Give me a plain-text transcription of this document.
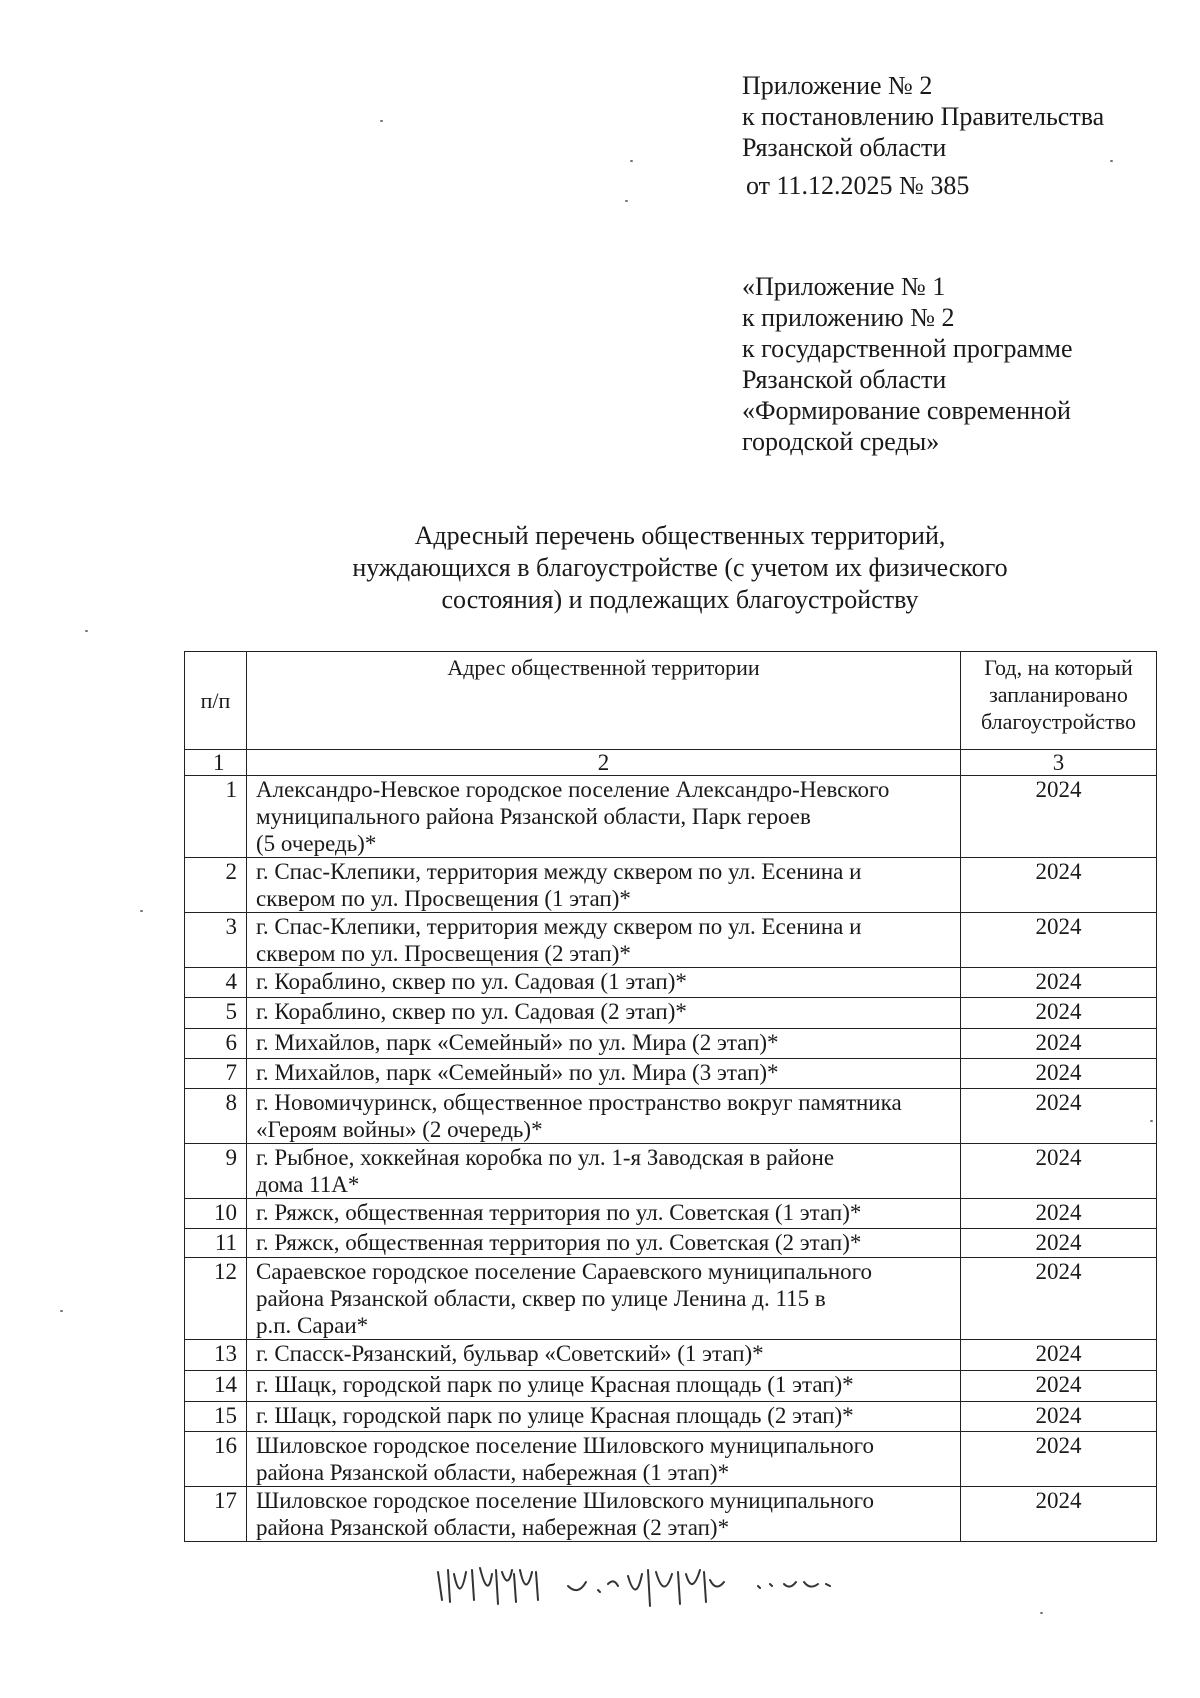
Приложение № 2
к постановлению Правительства
Рязанской области
от 11.12.2025 № 385
«Приложение № 1
к приложению № 2
к государственной программе
Рязанской области
«Формирование современной
городской среды»
Адресный перечень общественных территорий,
нуждающихся в благоустройстве (с учетом их физического
состояния) и подлежащих благоустройству
п/п	Адрес общественной территории	Год, на который
запланировано
благоустройство

1	2	3
1	Александро-Невское городское поселение Александро-Невского
муниципального района Рязанской области, Парк героев
(5 очередь)*	2024
2	г. Спас-Клепики, территория между сквером по ул. Есенина и
сквером по ул. Просвещения (1 этап)*	2024
3	г. Спас-Клепики, территория между сквером по ул. Есенина и
сквером по ул. Просвещения (2 этап)*	2024
4	г. Кораблино, сквер по ул. Садовая (1 этап)*	2024
5	г. Кораблино, сквер по ул. Садовая (2 этап)*	2024
6	г. Михайлов, парк «Семейный» по ул. Мира (2 этап)*	2024
7	г. Михайлов, парк «Семейный» по ул. Мира (3 этап)*	2024
8	г. Новомичуринск, общественное пространство вокруг памятника
«Героям войны» (2 очередь)*	2024
9	г. Рыбное, хоккейная коробка по ул. 1-я Заводская в районе
дома 11А*	2024
10	г. Ряжск, общественная территория по ул. Советская (1 этап)*	2024
11	г. Ряжск, общественная территория по ул. Советская (2 этап)*	2024
12	Сараевское городское поселение Сараевского муниципального
района Рязанской области, сквер по улице Ленина д. 115 в
р.п. Сараи*	2024
13	г. Спасск-Рязанский, бульвар «Советский» (1 этап)*	2024
14	г. Шацк, городской парк по улице Красная площадь (1 этап)*	2024
15	г. Шацк, городской парк по улице Красная площадь (2 этап)*	2024
16	Шиловское городское поселение Шиловского муниципального
района Рязанской области, набережная (1 этап)*	2024
17	Шиловское городское поселение Шиловского муниципального
района Рязанской области, набережная (2 этап)*	2024
